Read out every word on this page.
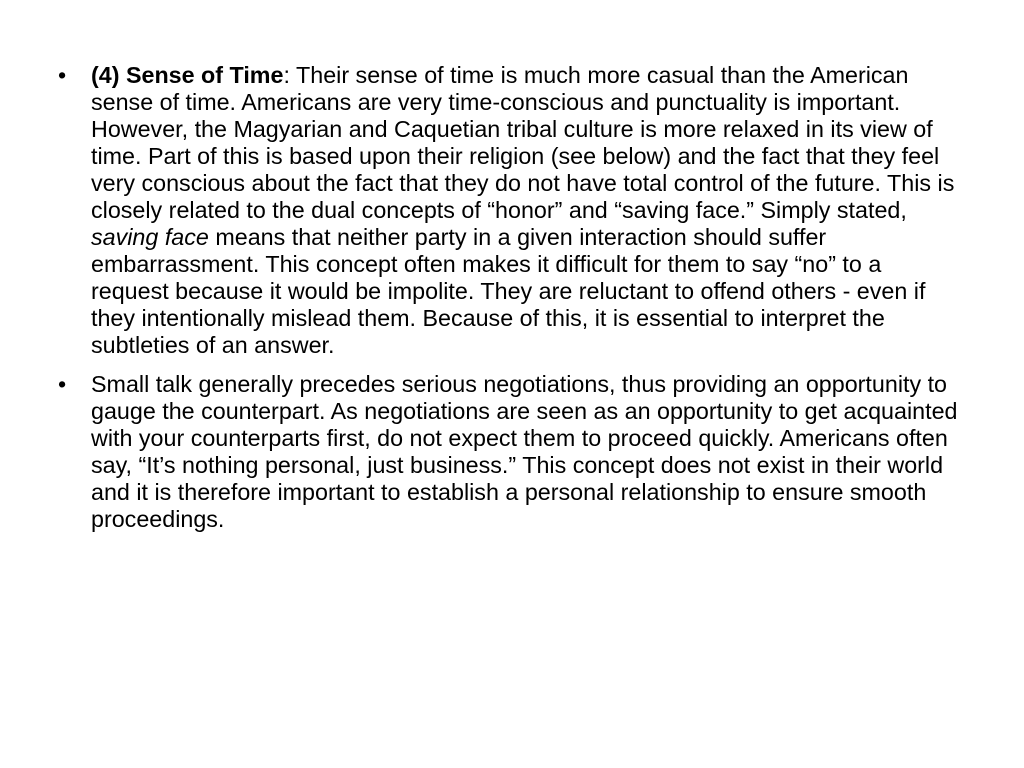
• (4) Sense of Time: Their sense of time is much more casual than the American sense of time. Americans are very time-conscious and punctuality is important. However, the Magyarian and Caquetian tribal culture is more relaxed in its view of time. Part of this is based upon their religion (see below) and the fact that they feel very conscious about the fact that they do not have total control of the future. This is closely related to the dual concepts of “honor” and “saving face.” Simply stated, saving face means that neither party in a given interaction should suffer embarrassment. This concept often makes it difficult for them to say “no” to a request because it would be impolite. They are reluctant to offend others - even if they intentionally mislead them. Because of this, it is essential to interpret the subtleties of an answer.
• Small talk generally precedes serious negotiations, thus providing an opportunity to gauge the counterpart. As negotiations are seen as an opportunity to get acquainted with your counterparts first, do not expect them to proceed quickly. Americans often say, “It’s nothing personal, just business.” This concept does not exist in their world and it is therefore important to establish a personal relationship to ensure smooth proceedings.
